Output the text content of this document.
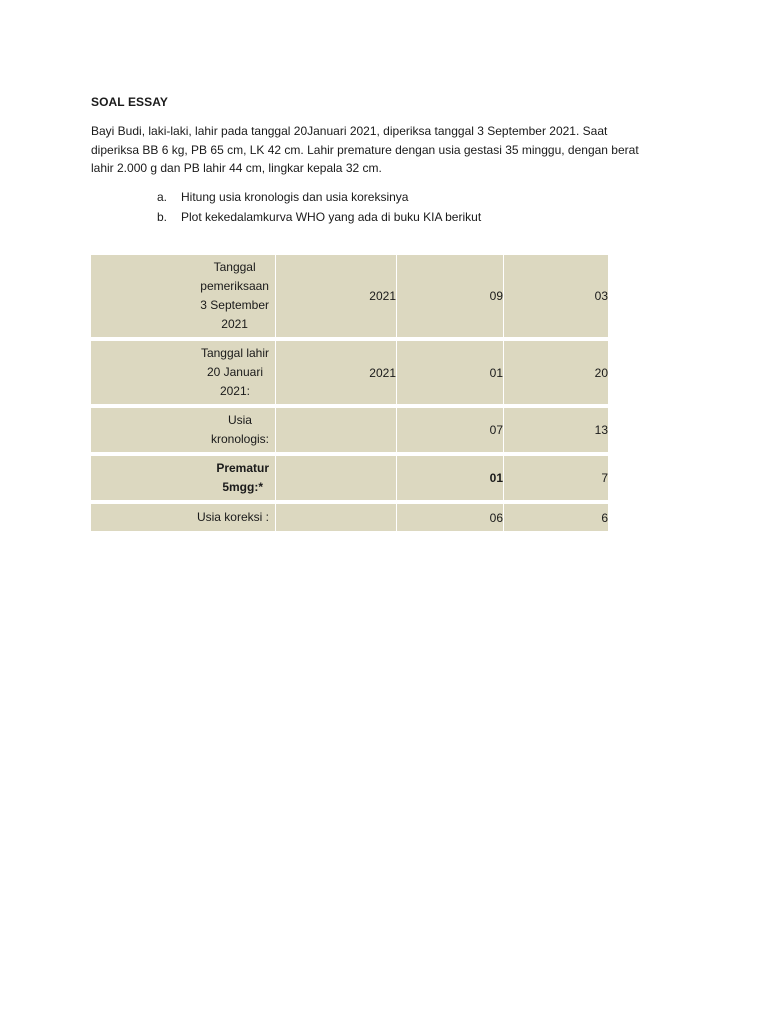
SOAL ESSAY
Bayi Budi, laki-laki, lahir pada tanggal 20Januari 2021, diperiksa tanggal 3 September 2021. Saat
diperiksa BB 6 kg, PB 65 cm, LK 42 cm. Lahir premature dengan usia gestasi 35 minggu, dengan berat
lahir 2.000 g dan PB lahir 44 cm, lingkar kepala 32 cm.
a. Hitung usia kronologis dan usia koreksinya
b. Plot kekedalamkurva WHO yang ada di buku KIA berikut
Tanggal
pemeriksaan
3 September
2021	2021	09	03
Tanggal lahir
20 Januari
2021:	2021	01	20
Usia
kronologis:		07	13
Prematur
5mgg:*		01	7
Usia koreksi :		06	6
